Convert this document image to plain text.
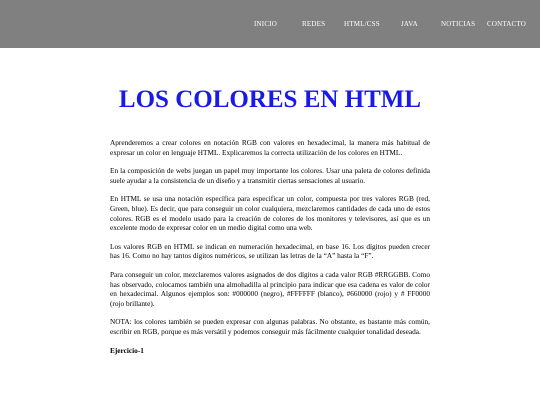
INICIO	REDES	HTML/CSS	JAVA	NOTICIAS CONTACTO
LOS COLORES EN HTML

Aprenderemos a crear colores en notación RGB con valores en hexadecimal, la manera más habitual de expresar un color en lenguaje HTML. Explicaremos la correcta utilización de los colores en HTML.

En la composición de webs juegan un papel muy importante los colores. Usar una paleta de colores definida suele ayudar a la consistencia de un diseño y a transmitir ciertas sensaciones al usuario.

En HTML se usa una notación específica para especificar un color, compuesta por tres valores RGB (red, Green, blue). Es decir, que para conseguir un color cualquiera, mezclaremos cantidades de cada uno de estos colores. RGB es el modelo usado para la creación de colores de los monitores y televisores, así que es un excelente modo de expresar color en un medio digital como una web.

Los valores RGB en HTML se indican en numeración hexadecimal, en base 16. Los dígitos pueden crecer has 16. Como no hay tantos dígitos numéricos, se utilizan las letras de la “A” hasta la “F”.

Para conseguir un color, mezclaremos valores asignados de dos dígitos a cada valor RGB #RRGGBB. Como has observado, colocamos también una almohadilla al principio para indicar que esa cadena es valor de color en hexadecimal. Algunos ejemplos son: #000000 (negro), #FFFFFF (blanco), #660000 (rojo) y # FF0000 (rojo brillante).

NOTA: los colores también se pueden expresar con algunas palabras. No obstante, es bastante más común, escribir en RGB, porque es más versátil y podemos conseguir más fácilmente cualquier tonalidad deseada.

Ejercicio-1
